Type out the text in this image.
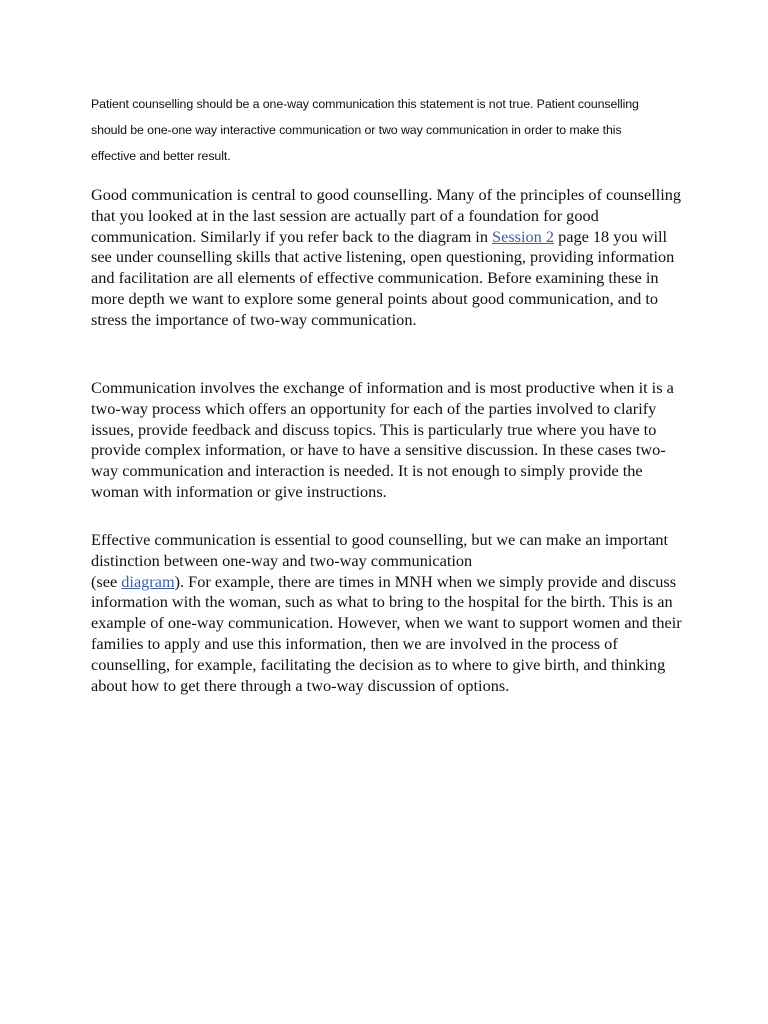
Patient counselling should be a one-way communication this statement is not true. Patient counselling
should be one-one way interactive communication or two way communication in order to make this
effective and better result.

Good communication is central to good counselling. Many of the principles of counselling that you looked at in the last session are actually part of a foundation for good communication. Similarly if you refer back to the diagram in Session 2 page 18 you will see under counselling skills that active listening, open questioning, providing information and facilitation are all elements of effective communication. Before examining these in more depth we want to explore some general points about good communication, and to stress the importance of two-way communication.

Communication involves the exchange of information and is most productive when it is a two-way process which offers an opportunity for each of the parties involved to clarify issues, provide feedback and discuss topics. This is particularly true where you have to provide complex information, or have to have a sensitive discussion. In these cases two-way communication and interaction is needed. It is not enough to simply provide the woman with information or give instructions.

Effective communication is essential to good counselling, but we can make an important distinction between one-way and two-way communication
(see diagram). For example, there are times in MNH when we simply provide and discuss information with the woman, such as what to bring to the hospital for the birth. This is an example of one-way communication. However, when we want to support women and their families to apply and use this information, then we are involved in the process of counselling, for example, facilitating the decision as to where to give birth, and thinking about how to get there through a two-way discussion of options.
